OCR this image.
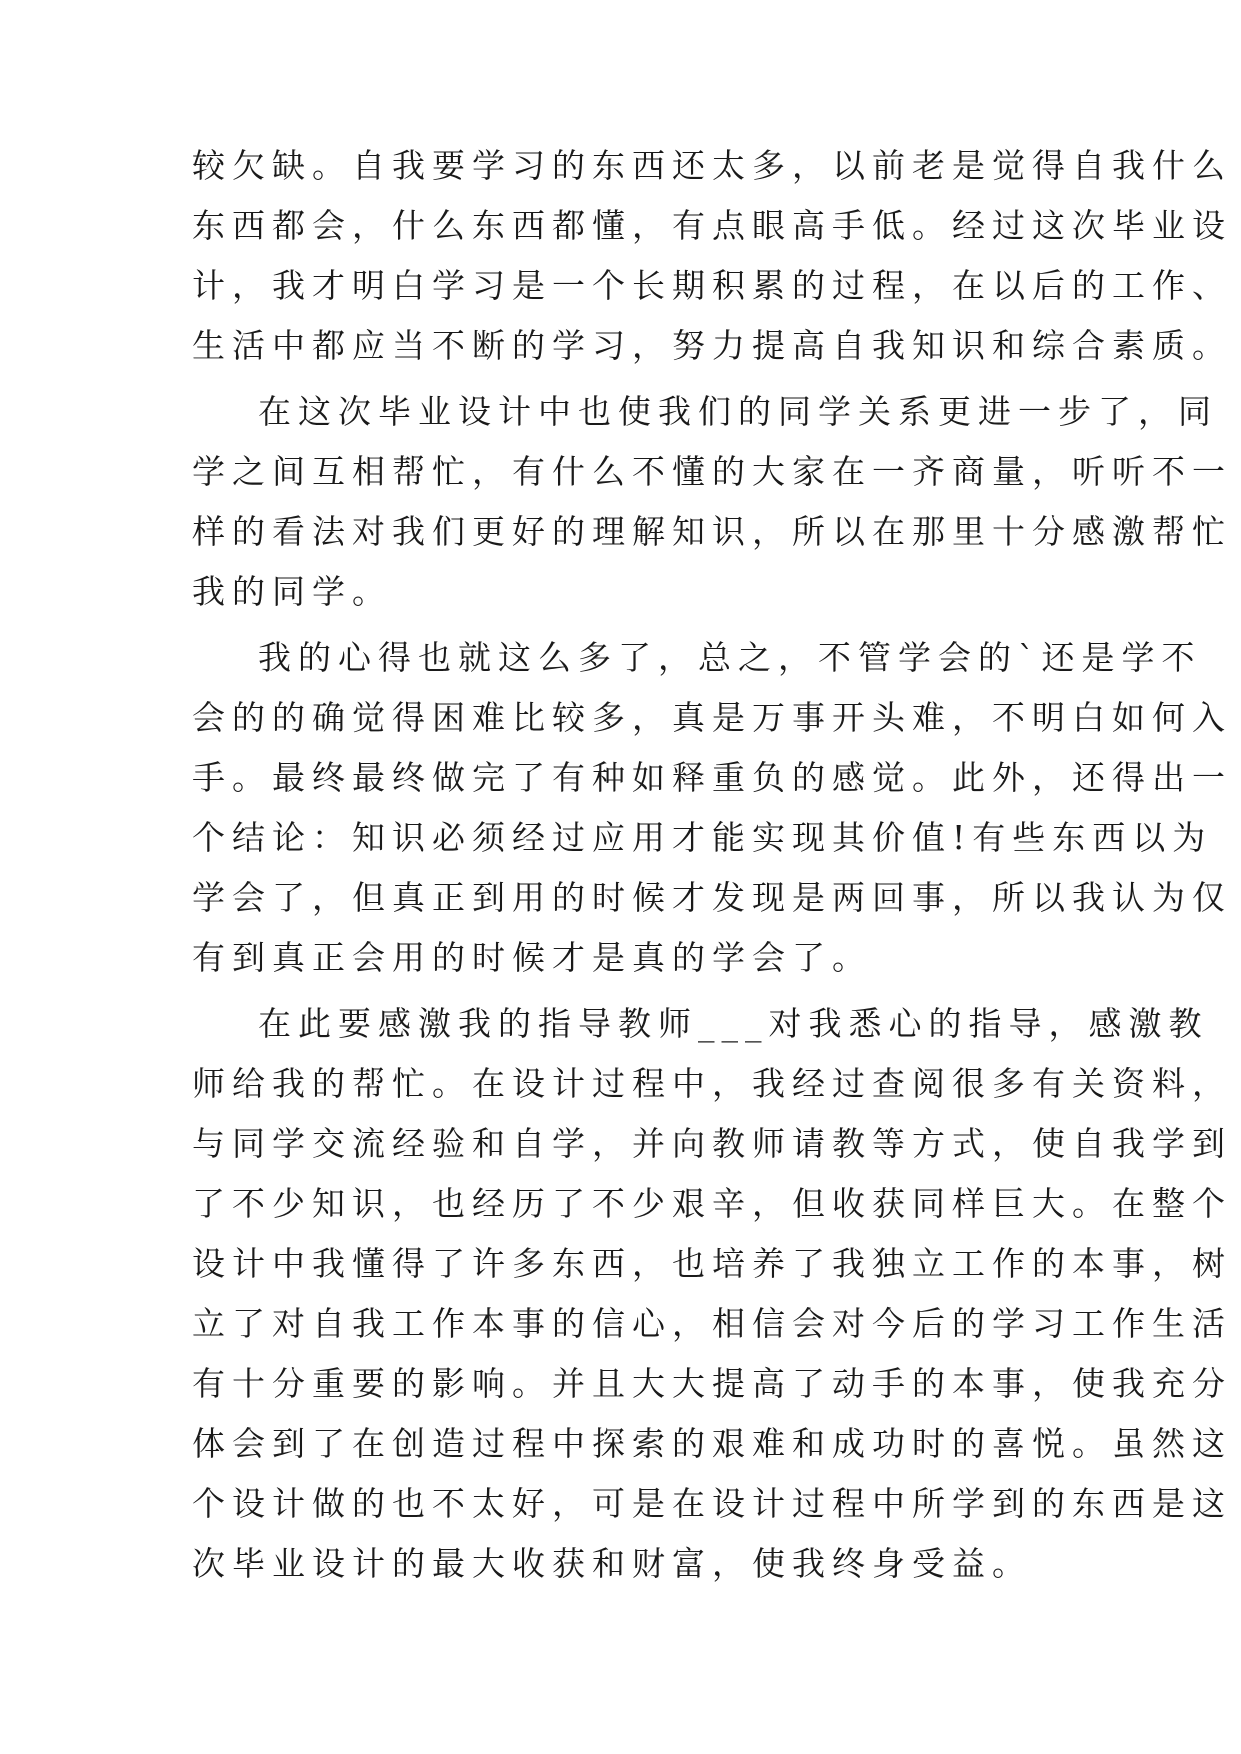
较欠缺。自我要学习的东西还太多，以前老是觉得自我什么
东西都会，什么东西都懂，有点眼高手低。经过这次毕业设
计，我才明白学习是一个长期积累的过程，在以后的工作、
生活中都应当不断的学习，努力提高自我知识和综合素质。
在这次毕业设计中也使我们的同学关系更进一步了，同
学之间互相帮忙，有什么不懂的大家在一齐商量，听听不一
样的看法对我们更好的理解知识，所以在那里十分感激帮忙
我的同学。
我的心得也就这么多了，总之，不管学会的`还是学不
会的的确觉得困难比较多，真是万事开头难，不明白如何入
手。最终最终做完了有种如释重负的感觉。此外，还得出一
个结论：知识必须经过应用才能实现其价值!有些东西以为
学会了，但真正到用的时候才发现是两回事，所以我认为仅
有到真正会用的时候才是真的学会了。
在此要感激我的指导教师___对我悉心的指导，感激教
师给我的帮忙。在设计过程中，我经过查阅很多有关资料，
与同学交流经验和自学，并向教师请教等方式，使自我学到
了不少知识，也经历了不少艰辛，但收获同样巨大。在整个
设计中我懂得了许多东西，也培养了我独立工作的本事，树
立了对自我工作本事的信心，相信会对今后的学习工作生活
有十分重要的影响。并且大大提高了动手的本事，使我充分
体会到了在创造过程中探索的艰难和成功时的喜悦。虽然这
个设计做的也不太好，可是在设计过程中所学到的东西是这
次毕业设计的最大收获和财富，使我终身受益。
